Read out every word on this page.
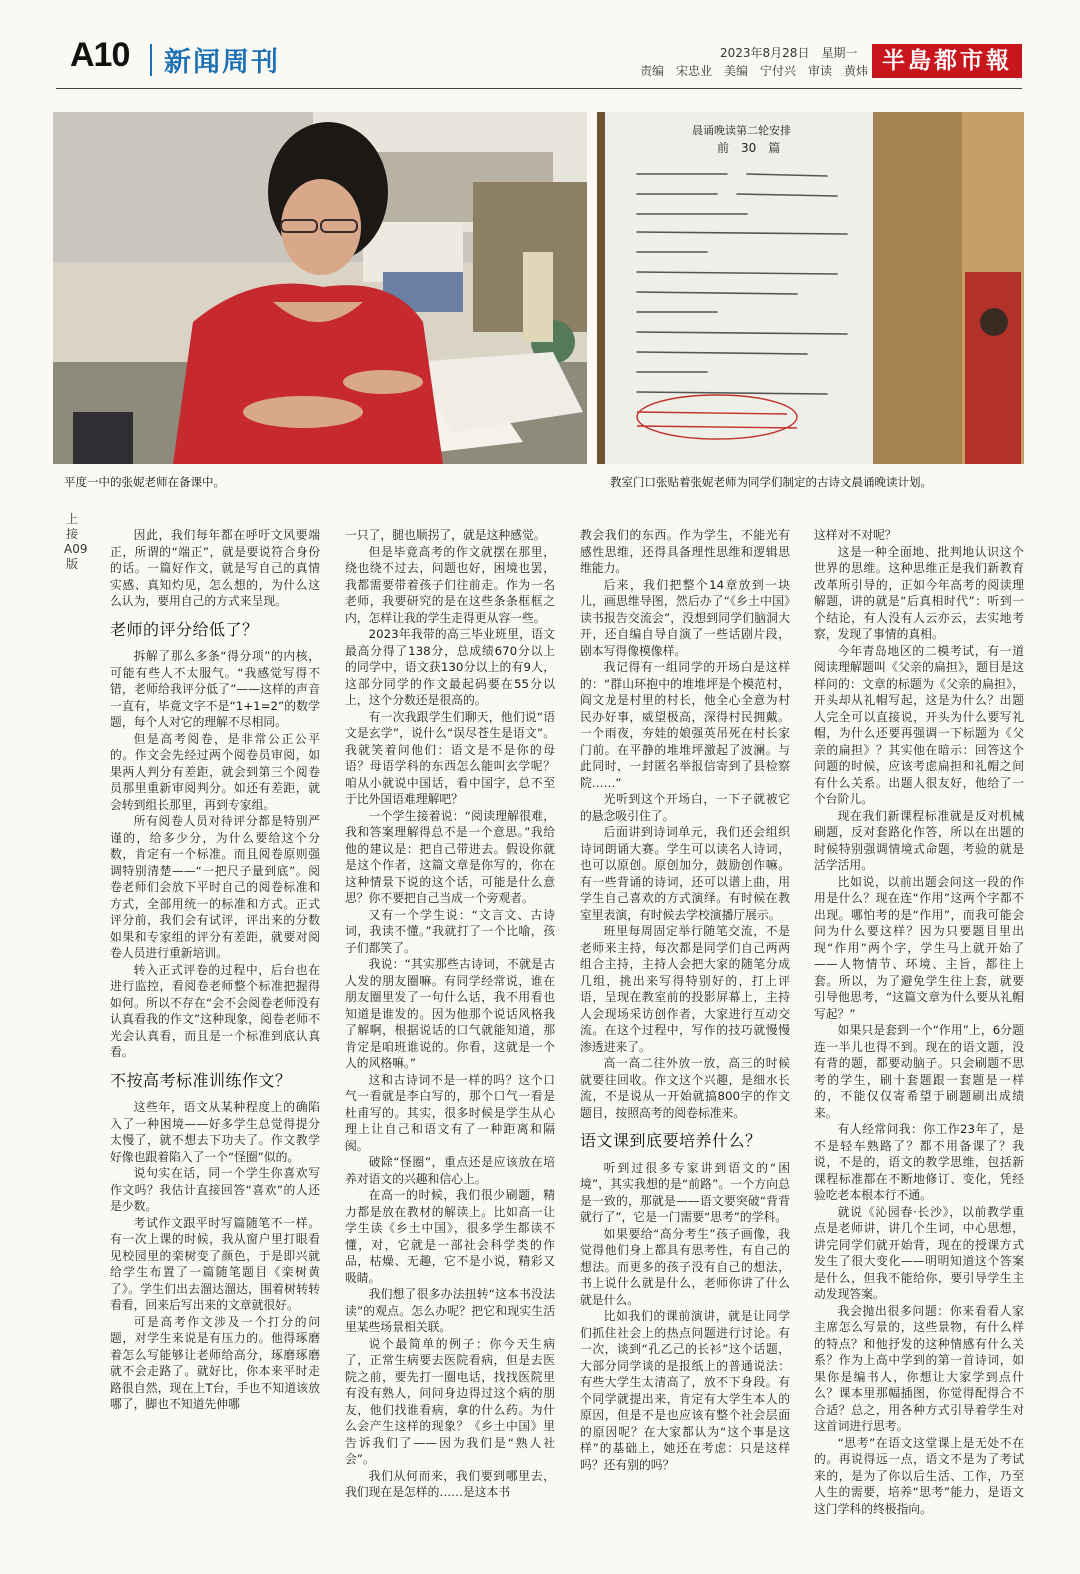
A10 新闻周刊	2023年8月28日　星期一
责编　宋忠业　美编　宁付兴　审读　黄炜 半島都市報
平度一中的张妮老师在备课中。
晨诵晚读第二轮安排
前　30　篇
教室门口张贴着张妮老师为同学们制定的古诗文晨诵晚读计划。
上接A09版

因此，我们每年都在呼吁文风要端正，所谓的“端正”，就是要说符合身份的话。一篇好作文，就是写自己的真情实感、真知灼见，怎么想的，为什么这么认为，要用自己的方式来呈现。

老师的评分给低了？

拆解了那么多条“得分项”的内核，可能有些人不太服气。“我感觉写得不错，老师给我评分低了”——这样的声音一直有，毕竟文字不是“1+1=2”的数学题，每个人对它的理解不尽相同。

但是高考阅卷，是非常公正公平的。作文会先经过两个阅卷员审阅，如果两人判分有差距，就会到第三个阅卷员那里重新审阅判分。如还有差距，就会转到组长那里，再到专家组。

所有阅卷人员对待评分都是特别严谨的，给多少分，为什么要给这个分数，肯定有一个标准。而且阅卷原则强调特别清楚——“一把尺子量到底”。阅卷老师们会放下平时自己的阅卷标准和方式，全部用统一的标准和方式。正式评分前，我们会有试评，评出来的分数如果和专家组的评分有差距，就要对阅卷人员进行重新培训。

转入正式评卷的过程中，后台也在进行监控，看阅卷老师整个标准把握得如何。所以不存在“会不会阅卷老师没有认真看我的作文”这种现象，阅卷老师不光会认真看，而且是一个标准到底认真看。

不按高考标准训练作文？

这些年，语文从某种程度上的确陷入了一种困境——好多学生总觉得提分太慢了，就不想去下功夫了。作文教学好像也跟着陷入了一个“怪圈”似的。

说句实在话，同一个学生你喜欢写作文吗？我估计直接回答“喜欢”的人还是少数。

考试作文跟平时写篇随笔不一样。有一次上课的时候，我从窗户里打眼看见校园里的栾树变了颜色，于是即兴就给学生布置了一篇随笔题目《栾树黄了》。学生们出去溜达溜达，围着树转转看看，回来后写出来的文章就很好。

可是高考作文涉及一个打分的问题，对学生来说是有压力的。他得琢磨着怎么写能够让老师给高分，琢磨琢磨就不会走路了。就好比，你本来平时走路很自然，现在上T台，手也不知道该放哪了，脚也不知道先伸哪

一只了，腿也顺拐了，就是这种感觉。

但是毕竟高考的作文就摆在那里，绕也绕不过去，问题也好，困境也罢，我都需要带着孩子们往前走。作为一名老师，我要研究的是在这些条条框框之内，怎样让我的学生走得更从容一些。

2023年我带的高三毕业班里，语文最高分得了138分，总成绩670分以上的同学中，语文获130分以上的有9人，这部分同学的作文最起码要在55分以上，这个分数还是很高的。

有一次我跟学生们聊天，他们说“语文是玄学”，说什么“误尽苍生是语文”。我就笑着问他们：语文是不是你的母语？母语学科的东西怎么能叫玄学呢？咱从小就说中国话，看中国字，总不至于比外国语难理解吧？

一个学生接着说：“阅读理解很难，我和答案理解得总不是一个意思。”我给他的建议是：把自己带进去。假设你就是这个作者，这篇文章是你写的，你在这种情景下说的这个话，可能是什么意思？你不要把自己当成一个旁观者。

又有一个学生说：“文言文、古诗词，我读不懂。”我就打了一个比喻，孩子们都笑了。

我说：“其实那些古诗词，不就是古人发的朋友圈嘛。有同学经常说，谁在朋友圈里发了一句什么话，我不用看也知道是谁发的。因为他那个说话风格我了解啊，根据说话的口气就能知道，那肯定是咱班谁说的。你看，这就是一个人的风格嘛。”

这和古诗词不是一样的吗？这个口气一看就是李白写的，那个口气一看是杜甫写的。其实，很多时候是学生从心理上让自己和语文有了一种距离和隔阂。

破除“怪圈”，重点还是应该放在培养对语文的兴趣和信心上。

在高一的时候，我们很少刷题，精力都是放在教材的解读上。比如高一让学生读《乡土中国》，很多学生都读不懂，对，它就是一部社会科学类的作品，枯燥、无趣，它不是小说，精彩又吸睛。

我们想了很多办法扭转“这本书没法读”的观点。怎么办呢？把它和现实生活里某些场景相关联。

说个最简单的例子：你今天生病了，正常生病要去医院看病，但是去医院之前，要先打一圈电话，找找医院里有没有熟人，问问身边得过这个病的朋友，他们找谁看病，拿的什么药。为什么会产生这样的现象？《乡土中国》里告诉我们了——因为我们是“熟人社会”。

我们从何而来，我们要到哪里去，我们现在是怎样的……是这本书

教会我们的东西。作为学生，不能光有感性思维，还得具备理性思维和逻辑思维能力。

后来，我们把整个14章放到一块儿，画思维导图，然后办了“《乡土中国》读书报告交流会”，没想到同学们脑洞大开，还自编自导自演了一些话剧片段，剧本写得像模像样。

我记得有一组同学的开场白是这样的：“群山环抱中的堆堆坪是个模范村，阎文龙是村里的村长，他全心全意为村民办好事，威望极高，深得村民拥戴。一个雨夜，夯娃的娘强英吊死在村长家门前。在平静的堆堆坪激起了波澜。与此同时，一封匿名举报信寄到了县检察院……”

光听到这个开场白，一下子就被它的悬念吸引住了。

后面讲到诗词单元，我们还会组织诗词朗诵大赛。学生可以读名人诗词，也可以原创。原创加分，鼓励创作嘛。有一些背诵的诗词，还可以谱上曲，用学生自己喜欢的方式演绎。有时候在教室里表演，有时候去学校演播厅展示。

班里每周固定举行随笔交流，不是老师来主持，每次都是同学们自己两两组合主持，主持人会把大家的随笔分成几组，挑出来写得特别好的，打上评语，呈现在教室前的投影屏幕上，主持人会现场采访创作者，大家进行互动交流。在这个过程中，写作的技巧就慢慢渗透进来了。

高一高二往外放一放，高三的时候就要往回收。作文这个兴趣，是细水长流，不是说从一开始就搞800字的作文题目，按照高考的阅卷标准来。

语文课到底要培养什么？

听到过很多专家讲到语文的“困境”，其实我想的是“前路”。一个方向总是一致的，那就是——语文要突破“背背就行了”，它是一门需要“思考”的学科。

如果要给“高分考生”孩子画像，我觉得他们身上都具有思考性，有自己的想法。而更多的孩子没有自己的想法，书上说什么就是什么，老师你讲了什么就是什么。

比如我们的课前演讲，就是让同学们抓住社会上的热点问题进行讨论。有一次，谈到“孔乙己的长衫”这个话题，大部分同学谈的是报纸上的普通说法：有些大学生太清高了，放不下身段。有个同学就提出来，肯定有大学生本人的原因，但是不是也应该有整个社会层面的原因呢？在大家都认为“这个事是这样”的基础上，她还在考虑：只是这样吗？还有别的吗？

这样对不对呢？

这是一种全面地、批判地认识这个世界的思维。这种思维正是我们新教育改革所引导的，正如今年高考的阅读理解题，讲的就是“后真相时代”：听到一个结论，有人没有人云亦云，去实地考察，发现了事情的真相。

今年青岛地区的二模考试，有一道阅读理解题叫《父亲的扁担》，题目是这样问的：文章的标题为《父亲的扁担》，开头却从礼帽写起，这是为什么？出题人完全可以直接说，开头为什么要写礼帽，为什么还要再强调一下标题为《父亲的扁担》？其实他在暗示：回答这个问题的时候，应该考虑扁担和礼帽之间有什么关系。出题人很友好，他给了一个台阶儿。

现在我们新课程标准就是反对机械刷题，反对套路化作答，所以在出题的时候特别强调情境式命题，考验的就是活学活用。

比如说，以前出题会问这一段的作用是什么？现在连“作用”这两个字都不出现。哪怕考的是“作用”，而我可能会问为什么要这样？因为只要题目里出现“作用”两个字，学生马上就开始了——人物情节、环境、主旨，都往上套。所以，为了避免学生往上套，就要引导他思考，“这篇文章为什么要从礼帽写起？”

如果只是套到一个“作用”上，6分题连一半儿也得不到。现在的语文题，没有背的题，都要动脑子。只会刷题不思考的学生，刷十套题跟一套题是一样的，不能仅仅寄希望于刷题刷出成绩来。

有人经常问我：你工作23年了，是不是轻车熟路了？都不用备课了？我说，不是的，语文的教学思维，包括新课程标准都在不断地修订、变化，凭经验吃老本根本行不通。

就说《沁园春·长沙》，以前教学重点是老师讲，讲几个生词，中心思想，讲完同学们就开始背，现在的授课方式发生了很大变化——明明知道这个答案是什么，但我不能给你，要引导学生主动发现答案。

我会抛出很多问题：你来看看人家主席怎么写景的，这些景物，有什么样的特点？和他抒发的这种情感有什么关系？作为上高中学到的第一首诗词，如果你是编书人，你想让大家学到点什么？课本里那幅插图，你觉得配得合不合适？总之，用各种方式引导着学生对这首词进行思考。

“思考”在语文这堂课上是无处不在的。再说得远一点，语文不是为了考试来的，是为了你以后生活、工作，乃至人生的需要，培养“思考”能力，是语文这门学科的终极指向。
